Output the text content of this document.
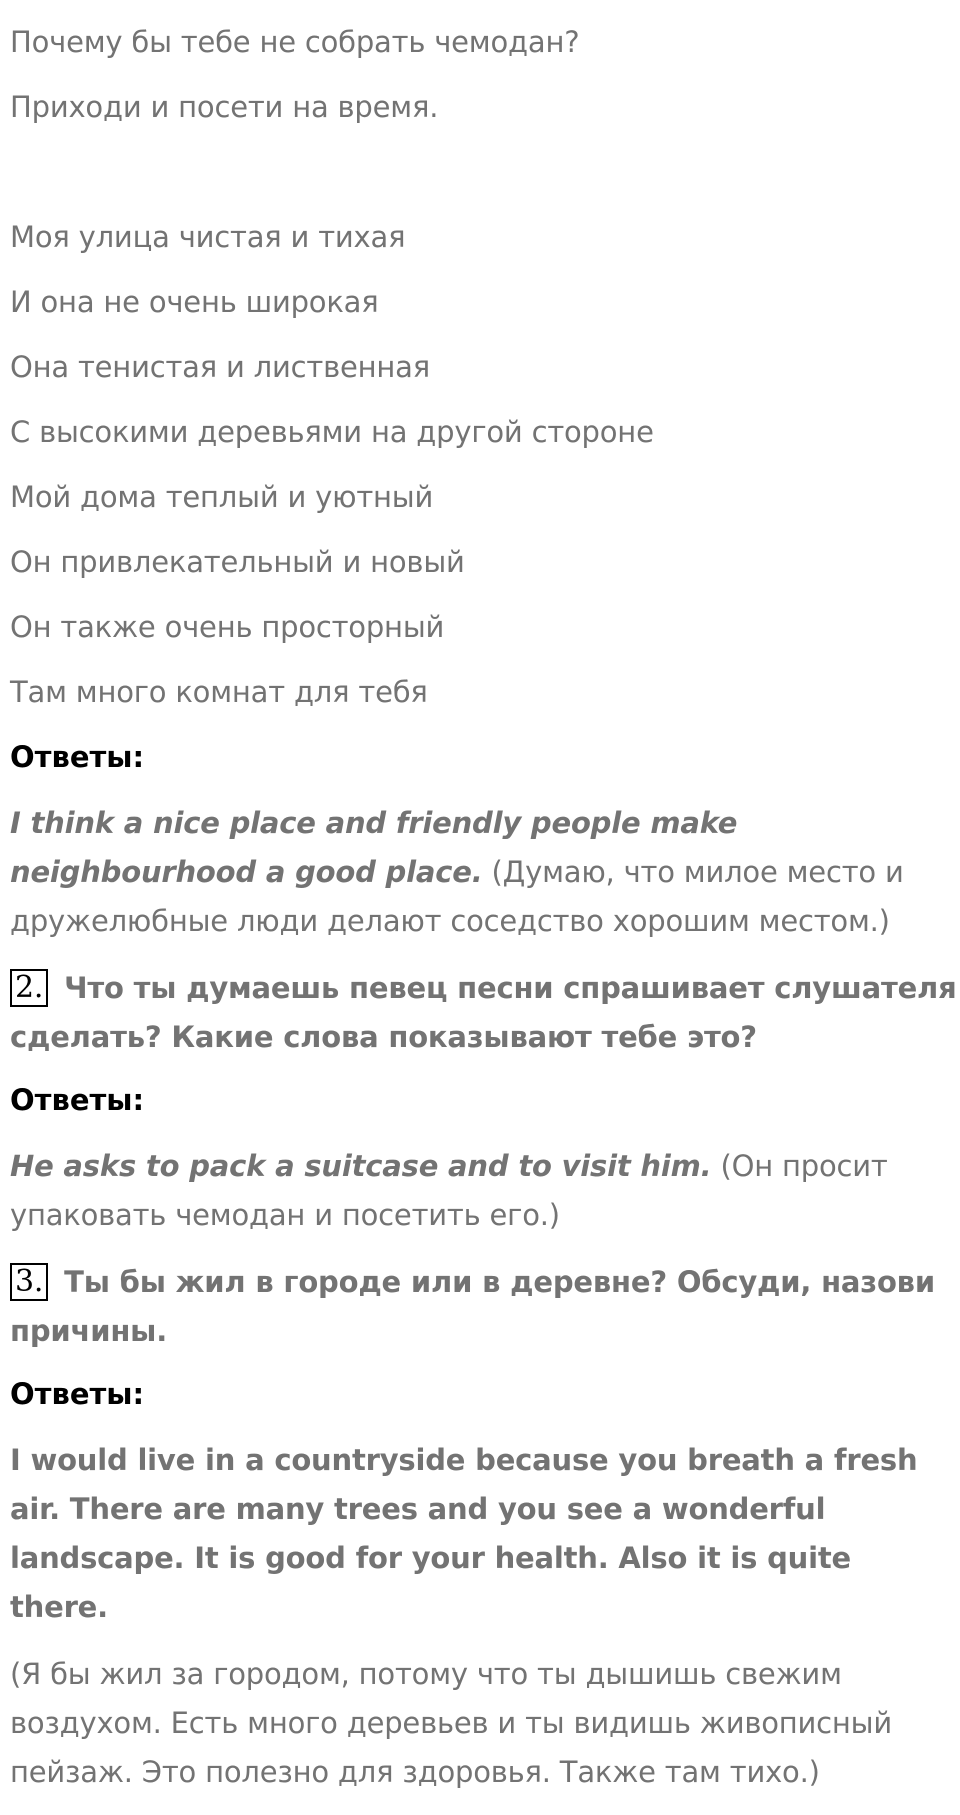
Почему бы тебе не собрать чемодан?
Приходи и посети на время.
Моя улица чистая и тихая
И она не очень широкая
Она тенистая и лиственная
С высокими деревьями на другой стороне
Мой дома теплый и уютный
Он привлекательный и новый
Он также очень просторный
Там много комнат для тебя
Ответы:
I think a nice place and friendly people make neighbourhood a good place. (Думаю, что милое место и дружелюбные люди делают соседство хорошим местом.)
2. Что ты думаешь певец песни спрашивает слушателя сделать? Какие слова показывают тебе это?
Ответы:
He asks to pack a suitcase and to visit him. (Он просит упаковать чемодан и посетить его.)
3. Ты бы жил в городе или в деревне? Обсуди, назови причины.
Ответы:
I would live in a countryside because you breath a fresh air. There are many trees and you see a wonderful landscape. It is good for your health. Also it is quite there.
(Я бы жил за городом, потому что ты дышишь свежим воздухом. Есть много деревьев и ты видишь живописный пейзаж. Это полезно для здоровья. Также там тихо.)
